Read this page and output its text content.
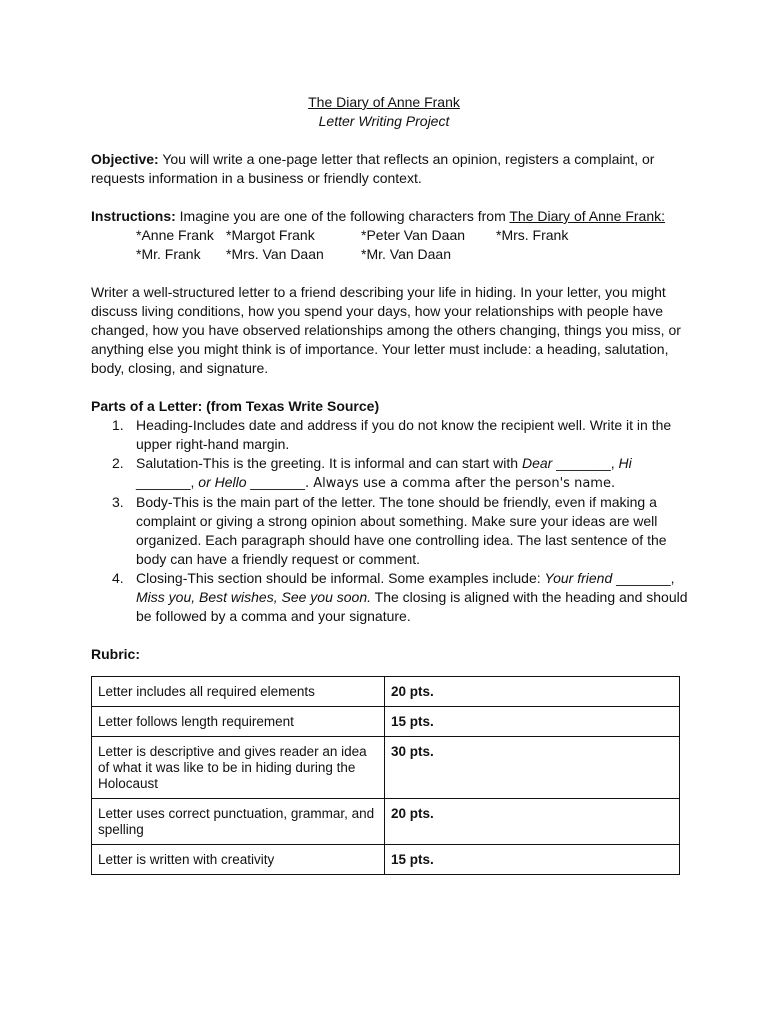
The Diary of Anne Frank
Letter Writing Project

Objective: You will write a one-page letter that reflects an opinion, registers a complaint, or requests information in a business or friendly context.

Instructions: Imagine you are one of the following characters from The Diary of Anne Frank:

*Anne Frank *Margot Frank	*Peter Van Daan	*Mrs. Frank
*Mr. Frank	*Mrs. Van Daan	*Mr. Van Daan

Writer a well-structured letter to a friend describing your life in hiding. In your letter, you might discuss living conditions, how you spend your days, how your relationships with people have changed, how you have observed relationships among the others changing, things you miss, or anything else you might think is of importance. Your letter must include: a heading, salutation, body, closing, and signature.

Parts of a Letter: (from Texas Write Source)

1. Heading-Includes date and address if you do not know the recipient well. Write it in the upper right-hand margin.
2. Salutation-This is the greeting. It is informal and can start with Dear _______, Hi
_______, or Hello _______. Always use a comma after the person's name.
3. Body-This is the main part of the letter. The tone should be friendly, even if making a complaint or giving a strong opinion about something. Make sure your ideas are well organized. Each paragraph should have one controlling idea. The last sentence of the body can have a friendly request or comment.
4. Closing-This section should be informal. Some examples include: Your friend _______,
Miss you, Best wishes, See you soon. The closing is aligned with the heading and should be followed by a comma and your signature.

Rubric:

Letter includes all required elements	20 pts.
Letter follows length requirement	15 pts.
Letter is descriptive and gives reader an idea of what it was like to be in hiding during the Holocaust	30 pts.
Letter uses correct punctuation, grammar, and spelling	20 pts.
Letter is written with creativity	15 pts.
